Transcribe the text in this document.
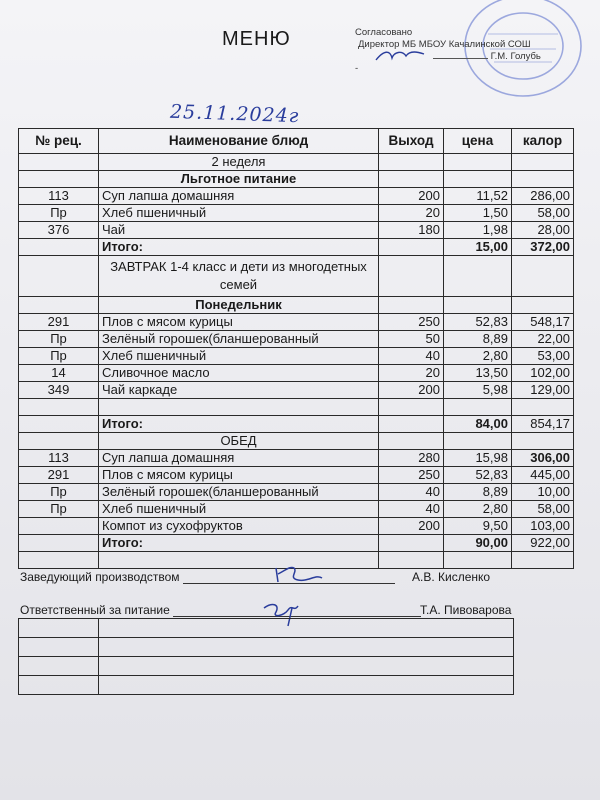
МЕНЮ	Согласовано
Директор МБ МБОУ Качалинской СОШ
Г.М. Голубь
-
25.11.2024г
№ рец.	Наименование блюд	Выход	цена	калор
	2 неделя			
	Льготное питание			
113	Суп лапша домашняя	200	11,52	286,00
Пр	Хлеб пшеничный	20	1,50	58,00
376	Чай	180	1,98	28,00
	Итого:		15,00	372,00
	ЗАВТРАК 1-4 класс и дети из многодетных семей			
	Понедельник			
291	Плов с мясом курицы	250	52,83	548,17
Пр	Зелёный горошек(бланшерованный	50	8,89	22,00
Пр	Хлеб пшеничный	40	2,80	53,00
14	Сливочное масло	20	13,50	102,00
349	Чай каркаде	200	5,98	129,00

	Итого:		84,00	854,17
	ОБЕД			
113	Суп лапша домашняя	280	15,98	306,00
291	Плов с мясом курицы	250	52,83	445,00
Пр	Зелёный горошек(бланшерованный	40	8,89	10,00
Пр	Хлеб пшеничный	40	2,80	58,00
	Компот из сухофруктов	200	9,50	103,00
	Итого:		90,00	922,00

Заведующий производством	А.В. Кисленко
Ответственный за питание	Т.А. Пивоварова
